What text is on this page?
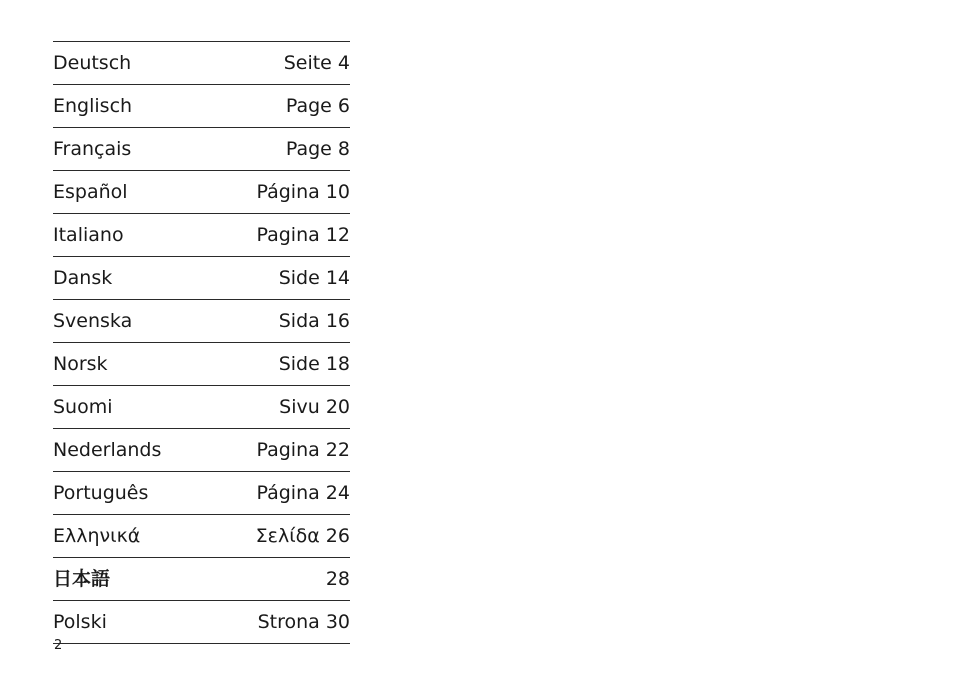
Deutsch	Seite 4
Englisch	Page 6
Français	Page 8
Español	Página 10
Italiano	Pagina 12
Dansk	Side 14
Svenska	Sida 16
Norsk	Side 18
Suomi	Sivu 20
Nederlands	Pagina 22
Português	Página 24
Ελληνικά	Σελίδα 26
日本語	28
Polski	Strona 30
2
